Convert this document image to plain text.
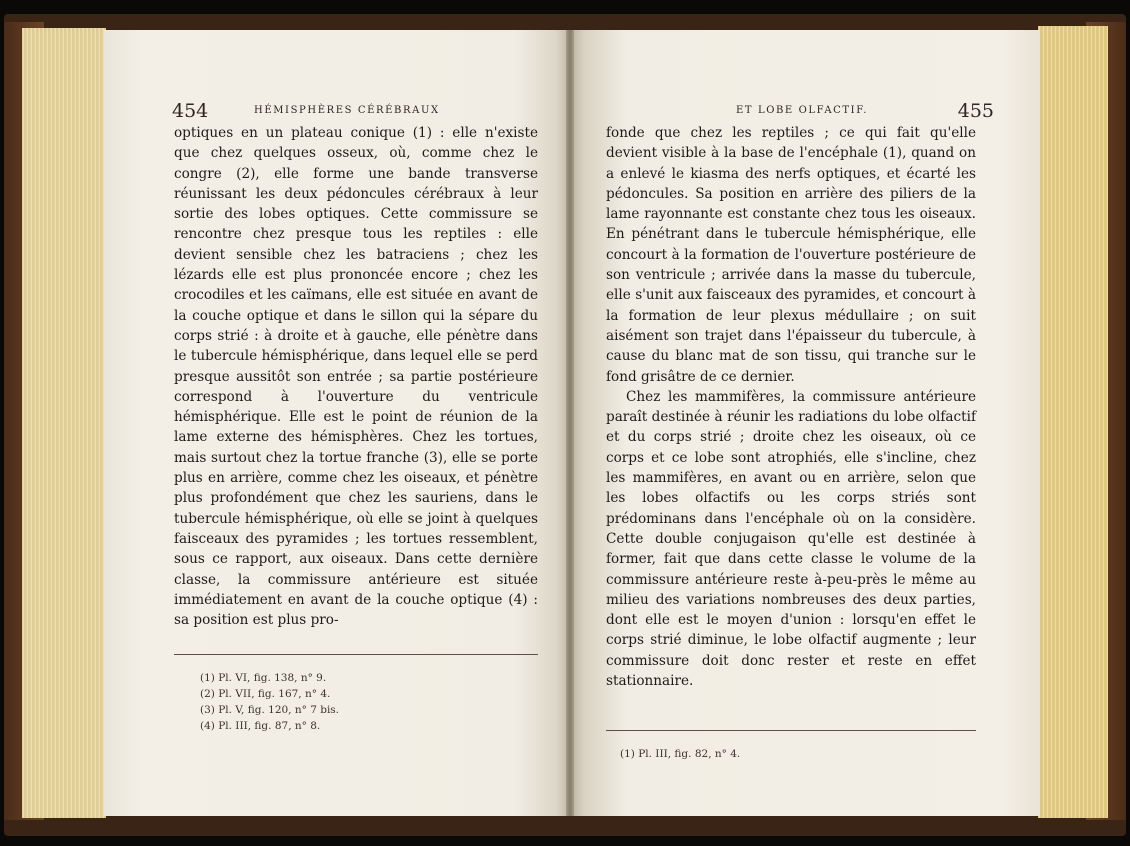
454	HÉMISPHÈRES CÉRÉBRAUX

optiques en un plateau conique (1) : elle n'existe que chez quelques osseux, où, comme chez le congre (2), elle forme une bande transverse réunissant les deux pédoncules cérébraux à leur sortie des lobes optiques. Cette commissure se rencontre chez presque tous les reptiles : elle devient sensible chez les batraciens ; chez les lézards elle est plus prononcée encore ; chez les crocodiles et les caïmans, elle est située en avant de la couche optique et dans le sillon qui la sépare du corps strié : à droite et à gauche, elle pénètre dans le tubercule hémisphérique, dans lequel elle se perd presque aussitôt son entrée ; sa partie postérieure correspond à l'ouverture du ventricule hémisphérique. Elle est le point de réunion de la lame externe des hémisphères. Chez les tortues, mais surtout chez la tortue franche (3), elle se porte plus en arrière, comme chez les oiseaux, et pénètre plus profondément que chez les sauriens, dans le tubercule hémisphérique, où elle se joint à quelques faisceaux des pyramides ; les tortues ressemblent, sous ce rapport, aux oiseaux. Dans cette dernière classe, la commissure antérieure est située immédiatement en avant de la couche optique (4) : sa position est plus pro-

(1) Pl. VI, fig. 138, n° 9.
(2) Pl. VII, fig. 167, n° 4.
(3) Pl. V, fig. 120, n° 7 bis.
(4) Pl. III, fig. 87, n° 8.
ET LOBE OLFACTIF.	455

fonde que chez les reptiles ; ce qui fait qu'elle devient visible à la base de l'encéphale (1), quand on a enlevé le kiasma des nerfs optiques, et écarté les pédoncules. Sa position en arrière des piliers de la lame rayonnante est constante chez tous les oiseaux. En pénétrant dans le tubercule hémisphérique, elle concourt à la formation de l'ouverture postérieure de son ventricule ; arrivée dans la masse du tubercule, elle s'unit aux faisceaux des pyramides, et concourt à la formation de leur plexus médullaire ; on suit aisément son trajet dans l'épaisseur du tubercule, à cause du blanc mat de son tissu, qui tranche sur le fond grisâtre de ce dernier.

Chez les mammifères, la commissure antérieure paraît destinée à réunir les radiations du lobe olfactif et du corps strié ; droite chez les oiseaux, où ce corps et ce lobe sont atrophiés, elle s'incline, chez les mammifères, en avant ou en arrière, selon que les lobes olfactifs ou les corps striés sont prédominans dans l'encéphale où on la considère. Cette double conjugaison qu'elle est destinée à former, fait que dans cette classe le volume de la commissure antérieure reste à-peu-près le même au milieu des variations nombreuses des deux parties, dont elle est le moyen d'union : lorsqu'en effet le corps strié diminue, le lobe olfactif augmente ; leur commissure doit donc rester et reste en effet stationnaire.

(1) Pl. III, fig. 82, n° 4.
